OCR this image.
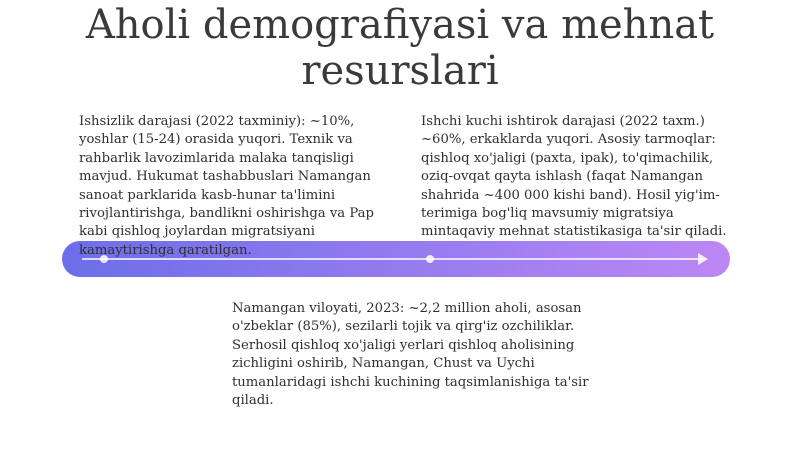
Aholi demografiyasi va mehnat
resurslari
Ishsizlik darajasi (2022 taxminiy): ~10%, yoshlar (15-24) orasida yuqori. Texnik va rahbarlik lavozimlarida malaka tanqisligi mavjud. Hukumat tashabbuslari Namangan sanoat parklarida kasb-hunar ta'limini rivojlantirishga, bandlikni oshirishga va Pap kabi qishloq joylardan migratsiyani kamaytirishga qaratilgan.
Ishchi kuchi ishtirok darajasi (2022 taxm.) ~60%, erkaklarda yuqori. Asosiy tarmoqlar: qishloq xo'jaligi (paxta, ipak), to'qimachilik, oziq-ovqat qayta ishlash (faqat Namangan shahrida ~400 000 kishi band). Hosil yig'im-terimiga bog'liq mavsumiy migratsiya mintaqaviy mehnat statistikasiga ta'sir qiladi.
Namangan viloyati, 2023: ~2,2 million aholi, asosan o'zbeklar (85%), sezilarli tojik va qirg'iz ozchiliklar. Serhosil qishloq xo'jaligi yerlari qishloq aholisining zichligini oshirib, Namangan, Chust va Uychi tumanlaridagi ishchi kuchining taqsimlanishiga ta'sir qiladi.
